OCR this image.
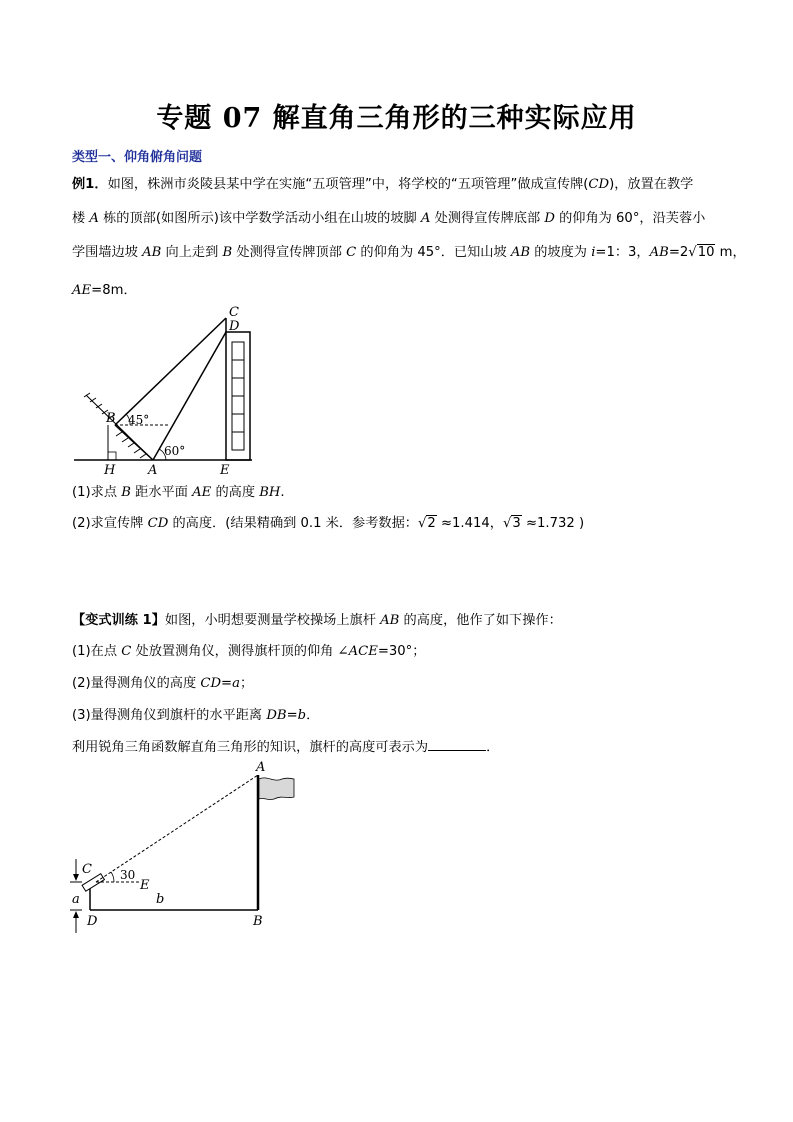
专题 07 解直角三角形的三种实际应用
类型一、仰角俯角问题
例1．如图，株洲市炎陵县某中学在实施“五项管理”中，将学校的“五项管理”做成宣传牌(CD)，放置在教学
楼 A 栋的顶部(如图所示)该中学数学活动小组在山坡的坡脚 A 处测得宣传牌底部 D 的仰角为 60°，沿芙蓉小
学围墙边坡 AB 向上走到 B 处测得宣传牌顶部 C 的仰角为 45°．已知山坡 AB 的坡度为 i=1：3，AB=2√10 m，
AE=8m．
C
D
B
H	A	E
45°
60°
(1)求点 B 距水平面 AE 的高度 BH.
(2)求宣传牌 CD 的高度．(结果精确到 0.1 米．参考数据：√2 ≈1.414，√3 ≈1.732 )
【变式训练 1】如图，小明想要测量学校操场上旗杆 AB 的高度，他作了如下操作：
(1)在点 C 处放置测角仪，测得旗杆顶的仰角 ∠ACE=30°；
(2)量得测角仪的高度 CD=a；
(3)量得测角仪到旗杆的水平距离 DB=b．
利用锐角三角函数解直角三角形的知识，旗杆的高度可表示为	．
A
C
E
a	b
D	B
30
